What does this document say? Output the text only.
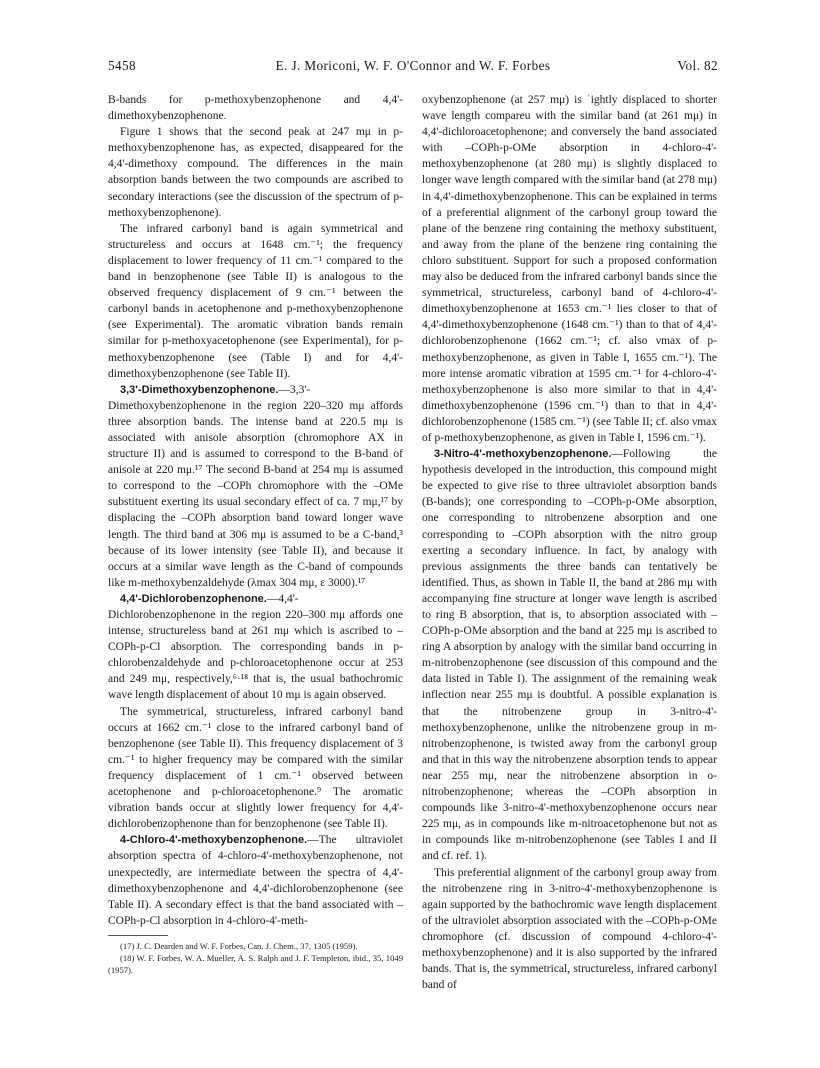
5458	E. J. Moriconi, W. F. O'Connor and W. F. Forbes	Vol. 82

B-bands for p-methoxybenzophenone and 4,4'-dimethoxybenzophenone.

Figure 1 shows that the second peak at 247 mμ in p-methoxybenzophenone has, as expected, disappeared for the 4,4'-dimethoxy compound. The differences in the main absorption bands between the two compounds are ascribed to secondary interactions (see the discussion of the spectrum of p-methoxybenzophenone).

The infrared carbonyl band is again symmetrical and structureless and occurs at 1648 cm.⁻¹; the frequency displacement to lower frequency of 11 cm.⁻¹ compared to the band in benzophenone (see Table II) is analogous to the observed frequency displacement of 9 cm.⁻¹ between the carbonyl bands in acetophenone and p-methoxybenzophenone (see Experimental). The aromatic vibration bands remain similar for p-methoxyacetophenone (see Experimental), for p-methoxybenzophenone (see (Table I) and for 4,4'-dimethoxybenzophenone (see Table II).

3,3'-Dimethoxybenzophenone.—3,3'-Dimethoxybenzophenone in the region 220–320 mμ affords three absorption bands. The intense band at 220.5 mμ is associated with anisole absorption (chromophore AX in structure II) and is assumed to correspond to the B-band of anisole at 220 mμ.¹⁷ The second B-band at 254 mμ is assumed to correspond to the –COPh chromophore with the –OMe substituent exerting its usual secondary effect of ca. 7 mμ,¹⁷ by displacing the –COPh absorption band toward longer wave length. The third band at 306 mμ is assumed to be a C-band,³ because of its lower intensity (see Table II), and because it occurs at a similar wave length as the C-band of compounds like m-methoxybenzaldehyde (λmax 304 mμ, ε 3000).¹⁷

4,4'-Dichlorobenzophenone.—4,4'-Dichlorobenzophenone in the region 220–300 mμ affords one intense, structureless band at 261 mμ which is ascribed to –COPh-p-Cl absorption. The corresponding bands in p-chlorobenzaldehyde and p-chloroacetophenone occur at 253 and 249 mμ, respectively,⁶·¹⁸ that is, the usual bathochromic wave length displacement of about 10 mμ is again observed.

The symmetrical, structureless, infrared carbonyl band occurs at 1662 cm.⁻¹ close to the infrared carbonyl band of benzophenone (see Table II). This frequency displacement of 3 cm.⁻¹ to higher frequency may be compared with the similar frequency displacement of 1 cm.⁻¹ observed between acetophenone and p-chloroacetophenone.⁹ The aromatic vibration bands occur at slightly lower frequency for 4,4'-dichlorobenzophenone than for benzophenone (see Table II).

4-Chloro-4'-methoxybenzophenone.—The ultraviolet absorption spectra of 4-chloro-4'-methoxybenzophenone, not unexpectedly, are intermediate between the spectra of 4,4'-dimethoxybenzophenone and 4,4'-dichlorobenzophenone (see Table II). A secondary effect is that the band associated with –COPh-p-Cl absorption in 4-chloro-4'-meth-

(17) J. C. Dearden and W. F. Forbes, Can. J. Chem., 37, 1305 (1959).

(18) W. F. Forbes, W. A. Mueller, A. S. Ralph and J. F. Templeton, ibid., 35, 1049 (1957).

oxybenzophenone (at 257 mμ) is ˈightly displaced to shorter wave length compareu with the similar band (at 261 mμ) in 4,4'-dichloroacetophenone; and conversely the band associated with –COPh-p-OMe absorption in 4-chloro-4'-methoxybenzophenone (at 280 mμ) is slightly displaced to longer wave length compared with the similar band (at 278 mμ) in 4,4'-dimethoxybenzophenone. This can be explained in terms of a preferential alignment of the carbonyl group toward the plane of the benzene ring containing the methoxy substituent, and away from the plane of the benzene ring containing the chloro substituent. Support for such a proposed conformation may also be deduced from the infrared carbonyl bands since the symmetrical, structureless, carbonyl band of 4-chloro-4'-dimethoxybenzophenone at 1653 cm.⁻¹ lies closer to that of 4,4'-dimethoxybenzophenone (1648 cm.⁻¹) than to that of 4,4'-dichlorobenzophenone (1662 cm.⁻¹; cf. also νmax of p-methoxybenzophenone, as given in Table I, 1655 cm.⁻¹). The more intense aromatic vibration at 1595 cm.⁻¹ for 4-chloro-4'-methoxybenzophenone is also more similar to that in 4,4'-dimethoxybenzophenone (1596 cm.⁻¹) than to that in 4,4'-dichlorobenzophenone (1585 cm.⁻¹) (see Table II; cf. also νmax of p-methoxybenzophenone, as given in Table I, 1596 cm.⁻¹).

3-Nitro-4'-methoxybenzophenone.—Following the hypothesis developed in the introduction, this compound might be expected to give rise to three ultraviolet absorption bands (B-bands); one corresponding to –COPh-p-OMe absorption, one corresponding to nitrobenzene absorption and one corresponding to –COPh absorption with the nitro group exerting a secondary influence. In fact, by analogy with previous assignments the three bands can tentatively be identified. Thus, as shown in Table II, the band at 286 mμ with accompanying fine structure at longer wave length is ascribed to ring B absorption, that is, to absorption associated with –COPh-p-OMe absorption and the band at 225 mμ is ascribed to ring A absorption by analogy with the similar band occurring in m-nitrobenzophenone (see discussion of this compound and the data listed in Table I). The assignment of the remaining weak inflection near 255 mμ is doubtful. A possible explanation is that the nitrobenzene group in 3-nitro-4'-methoxybenzophenone, unlike the nitrobenzene group in m-nitrobenzophenone, is twisted away from the carbonyl group and that in this way the nitrobenzene absorption tends to appear near 255 mμ, near the nitrobenzene absorption in o-nitrobenzophenone; whereas the –COPh absorption in compounds like 3-nitro-4'-methoxybenzophenone occurs near 225 mμ, as in compounds like m-nitroacetophenone but not as in compounds like m-nitrobenzophenone (see Tables I and II and cf. ref. 1).

This preferential alignment of the carbonyl group away from the nitrobenzene ring in 3-nitro-4'-methoxybenzophenone is again supported by the bathochromic wave length displacement of the ultraviolet absorption associated with the –COPh-p-OMe chromophore (cf. discussion of compound 4-chloro-4'-methoxybenzophenone) and it is also supported by the infrared bands. That is, the symmetrical, structureless, infrared carbonyl band of
